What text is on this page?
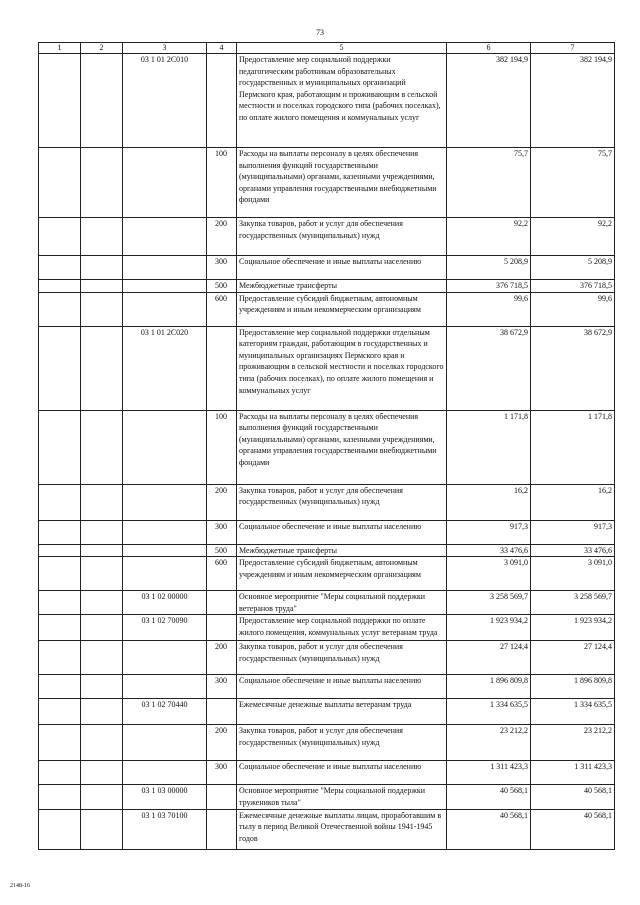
73
1	2	3	4	5	6	7
		03 1 01 2C010		Предоставление мер социальной поддержки педагогическим работникам образовательных государственных и муниципальных организаций Пермского края, работающим и проживающим в сельской местности и поселках городского типа (рабочих поселках), по оплате жилого помещения и коммунальных услуг	382 194,9	382 194,9
			100	Расходы на выплаты персоналу в целях обеспечения выполнения функций государственными (муниципальными) органами, казенными учреждениями, органами управления государственными внебюджетными фондами	75,7	75,7
			200	Закупка товаров, работ и услуг для обеспечения государственных (муниципальных) нужд	92,2	92,2
			300	Социальное обеспечение и иные выплаты населению	5 208,9	5 208,9
			500	Межбюджетные трансферты	376 718,5	376 718,5
			600	Предоставление субсидий бюджетным, автономным учреждениям и иным некоммерческим организациям	99,6	99,6
		03 1 01 2C020		Предоставление мер социальной поддержки отдельным категориям граждан, работающим в государственных и муниципальных организациях Пермского края и проживающим в сельской местности и поселках городского типа (рабочих поселках), по оплате жилого помещения и коммунальных услуг	38 672,9	38 672,9
			100	Расходы на выплаты персоналу в целях обеспечения выполнения функций государственными (муниципальными) органами, казенными учреждениями, органами управления государственными внебюджетными фондами	1 171,8	1 171,8
			200	Закупка товаров, работ и услуг для обеспечения государственных (муниципальных) нужд	16,2	16,2
			300	Социальное обеспечение и иные выплаты населению	917,3	917,3
			500	Межбюджетные трансферты	33 476,6	33 476,6
			600	Предоставление субсидий бюджетным, автономным учреждениям и иным некоммерческим организациям	3 091,0	3 091,0
		03 1 02 00000		Основное мероприятие "Меры социальной поддержки ветеранов труда"	3 258 569,7	3 258 569,7
		03 1 02 70090		Предоставление мер социальной поддержки по оплате жилого помещения, коммунальных услуг ветеранам труда	1 923 934,2	1 923 934,2
			200	Закупка товаров, работ и услуг для обеспечения государственных (муниципальных) нужд	27 124,4	27 124,4
			300	Социальное обеспечение и иные выплаты населению	1 896 809,8	1 896 809,8
		03 1 02 70440		Ежемесячные денежные выплаты ветеранам труда	1 334 635,5	1 334 635,5
			200	Закупка товаров, работ и услуг для обеспечения государственных (муниципальных) нужд	23 212,2	23 212,2
			300	Социальное обеспечение и иные выплаты населению	1 311 423,3	1 311 423,3
		03 1 03 00000		Основное мероприятие "Меры социальной поддержки тружеников тыла"	40 568,1	40 568,1
		03 1 03 70100		Ежемесячные денежные выплаты лицам, проработавшим в тылу в период Великой Отечественной войны 1941-1945 годов	40 568,1	40 568,1
2148-16
